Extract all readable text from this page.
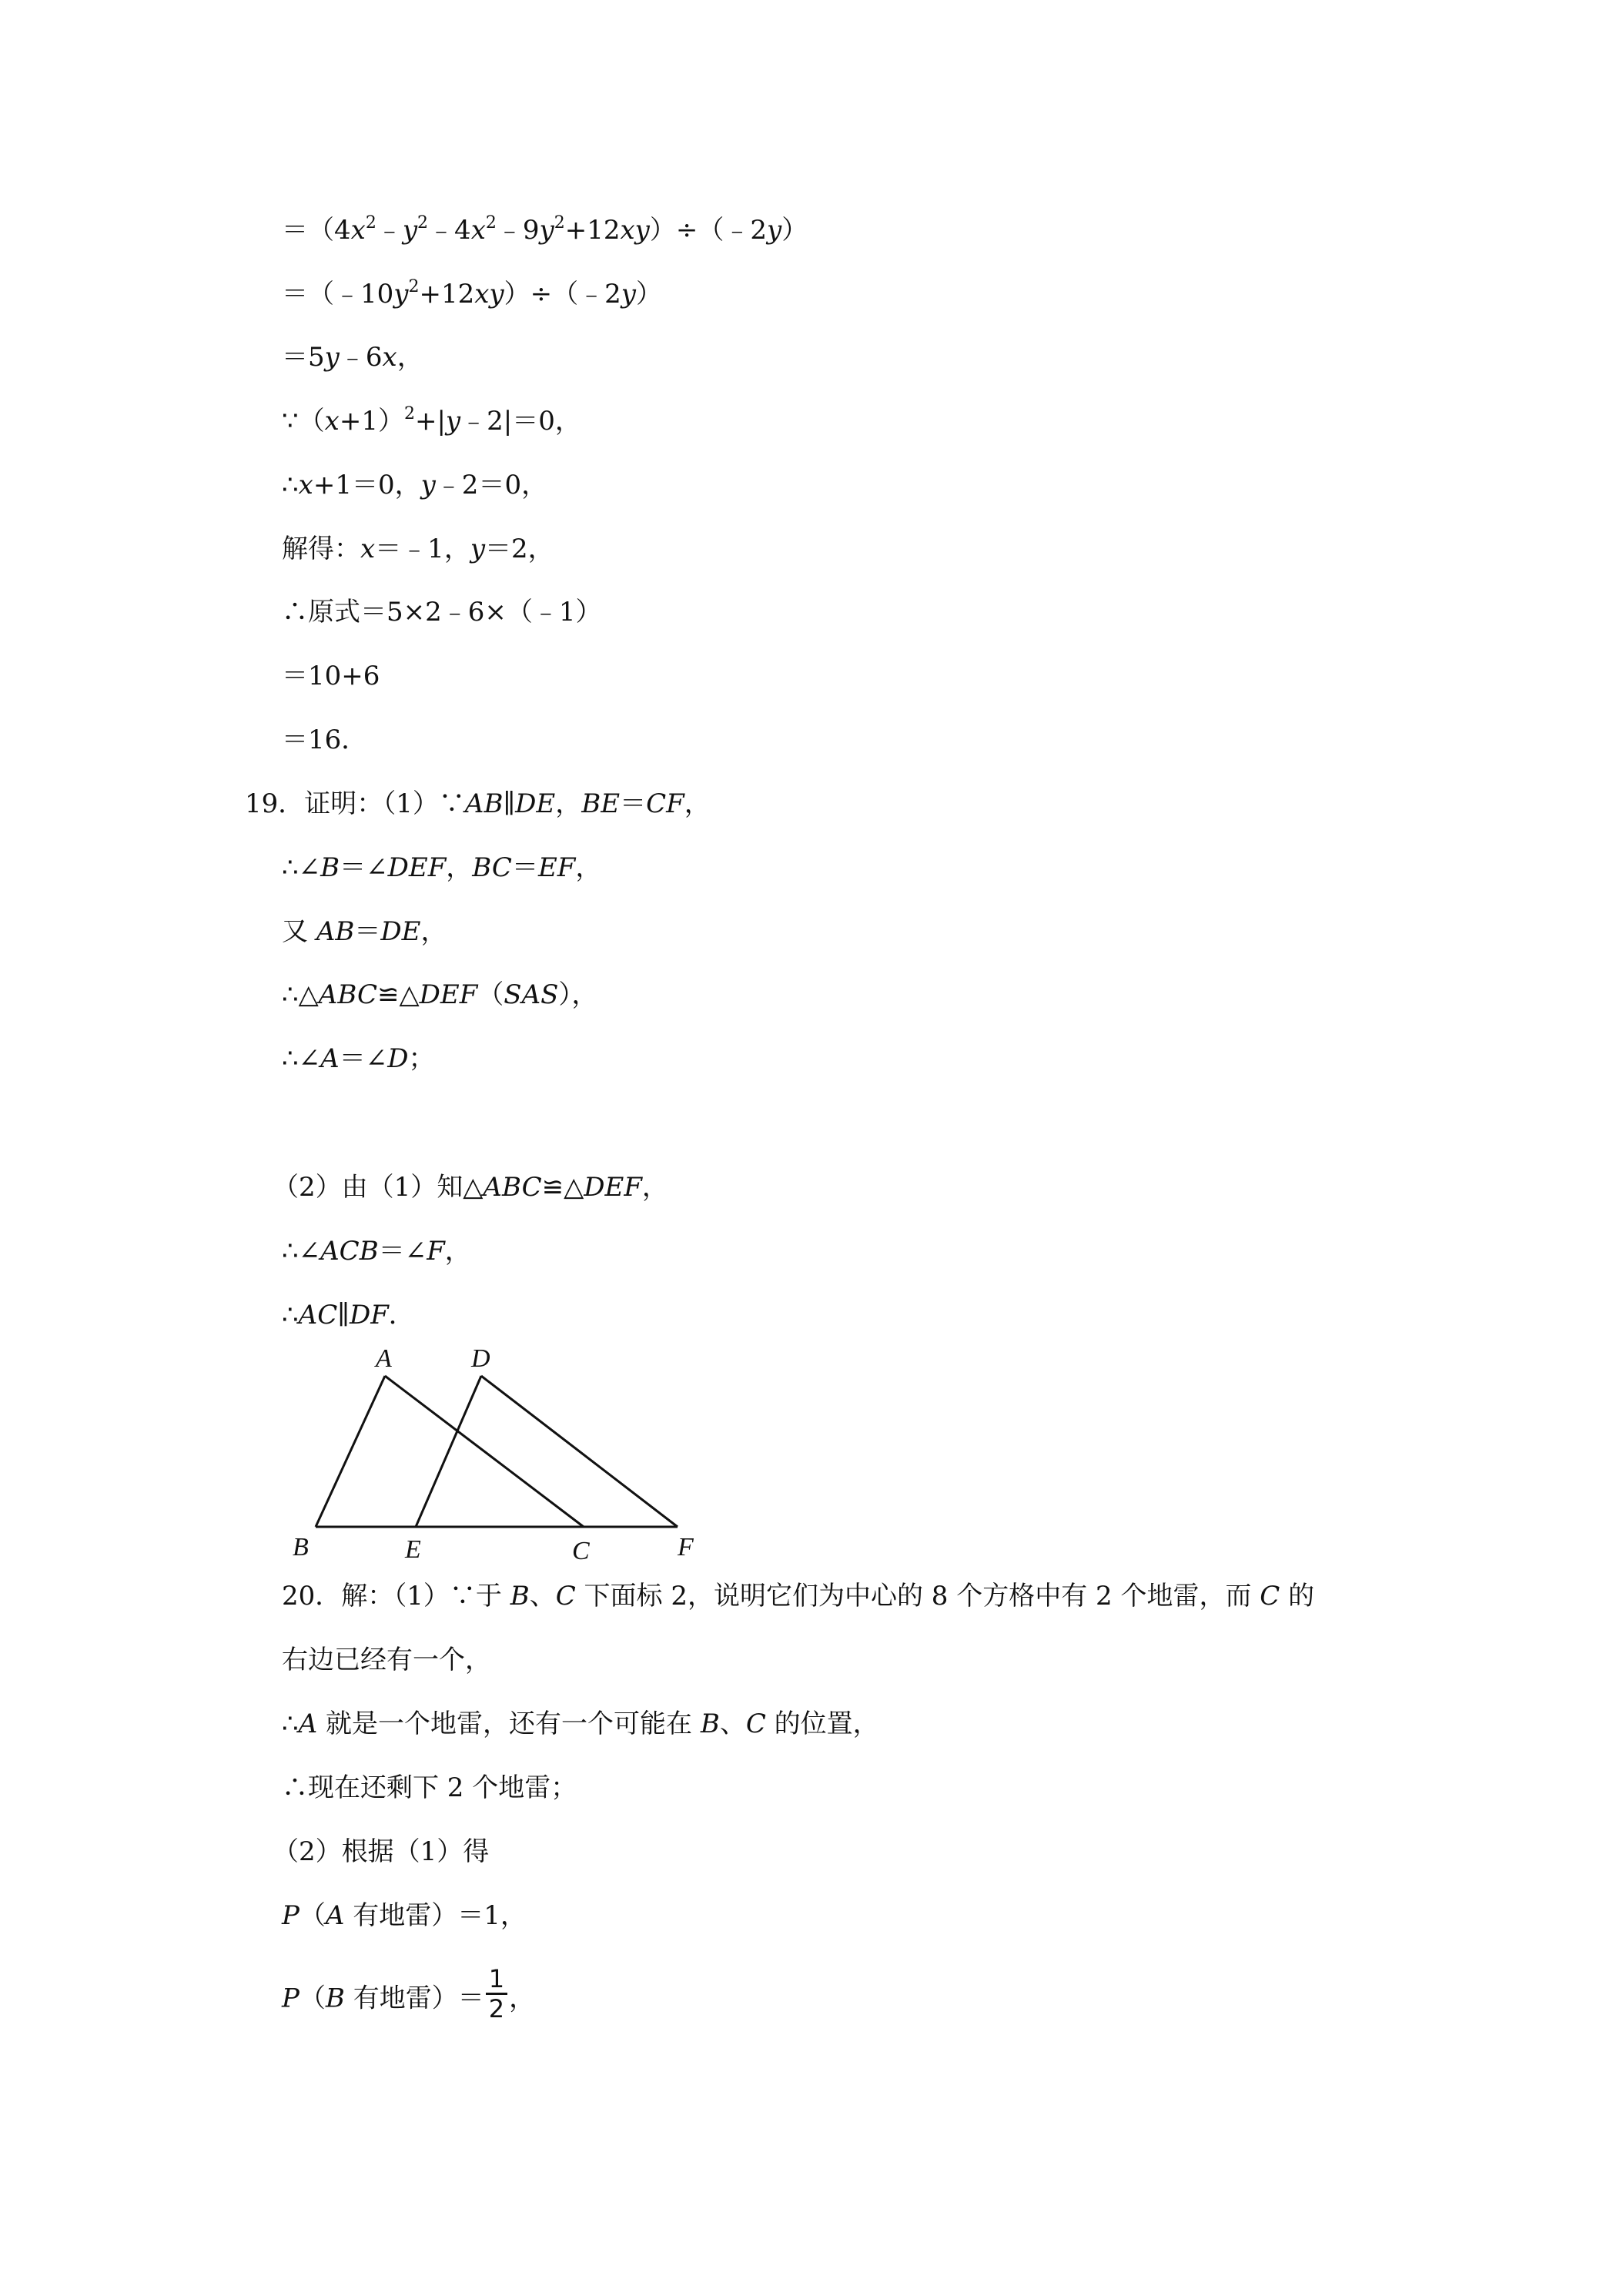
$=(4x^2﹣y^2﹣4x^2﹣9y^2+12xy)\div(﹣2y)$
$=(﹣10y^2+12xy)\div(﹣2y)$
＝5y﹣6x，
$\because(x+1)^2+|y﹣2|=0$，
∴x+1＝0，y﹣2＝0，
解得：x＝﹣1，y＝2，
∴原式＝5×2﹣6×（﹣1）
＝10+6
＝16．
19．证明：（1）∵AB∥DE，BE＝CF，
∴∠B＝∠DEF，BC＝EF，
又 AB＝DE，
∴△ABC≌△DEF（SAS），
∴∠A＝∠D；
（2）由（1）知△ABC≌△DEF，
∴∠ACB＝∠F，
∴AC∥DF．
A	D
B	E	C	F
20．解：（1）∵于 B、C 下面标 2，说明它们为中心的 8 个方格中有 2 个地雷，而 C 的
右边已经有一个，
∴A 就是一个地雷，还有一个可能在 B、C 的位置，
∴现在还剩下 2 个地雷；
（2）根据（1）得
P（A 有地雷）＝1，
P（B 有地雷）＝ $\frac{1}{2}$ ，
